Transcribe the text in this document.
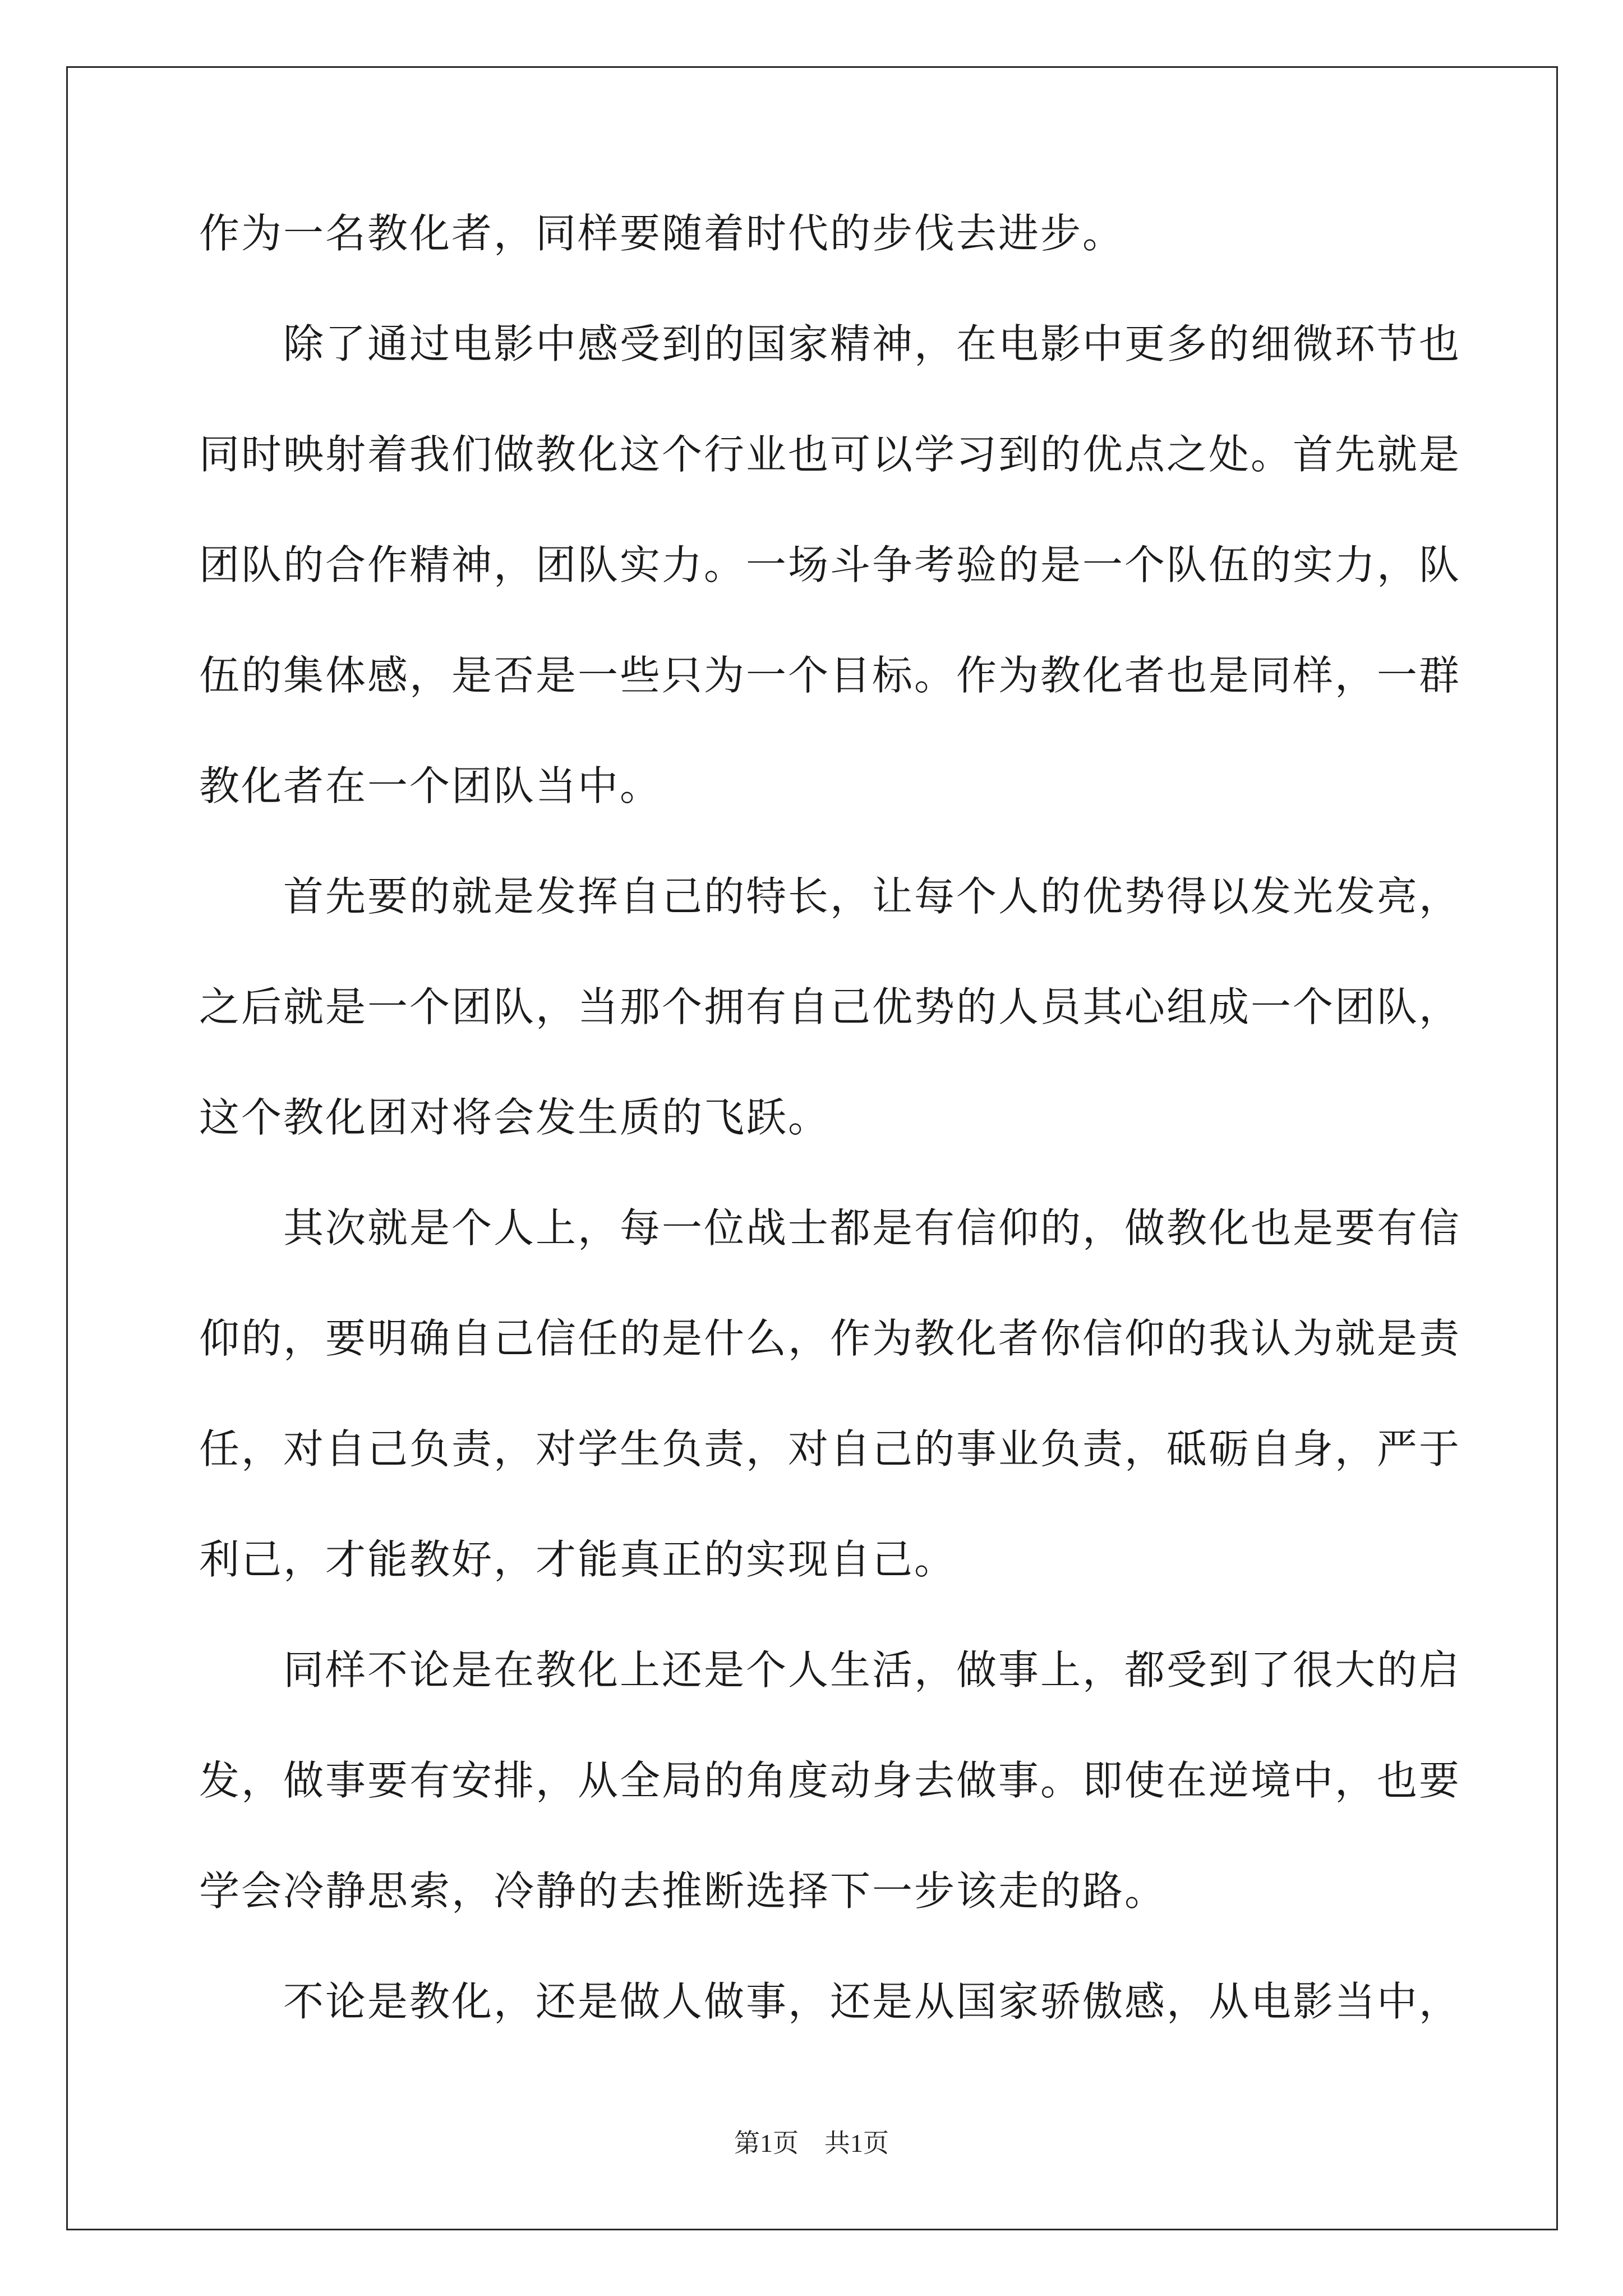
作为一名教化者，同样要随着时代的步伐去进步。
除了通过电影中感受到的国家精神，在电影中更多的细微环节也
同时映射着我们做教化这个行业也可以学习到的优点之处。首先就是
团队的合作精神，团队实力。一场斗争考验的是一个队伍的实力，队
伍的集体感，是否是一些只为一个目标。作为教化者也是同样，一群
教化者在一个团队当中。
首先要的就是发挥自己的特长，让每个人的优势得以发光发亮，
之后就是一个团队，当那个拥有自己优势的人员其心组成一个团队，
这个教化团对将会发生质的飞跃。
其次就是个人上，每一位战士都是有信仰的，做教化也是要有信
仰的，要明确自己信任的是什么，作为教化者你信仰的我认为就是责
任，对自己负责，对学生负责，对自己的事业负责，砥砺自身，严于
利己，才能教好，才能真正的实现自己。
同样不论是在教化上还是个人生活，做事上，都受到了很大的启
发，做事要有安排，从全局的角度动身去做事。即使在逆境中，也要
学会冷静思索，冷静的去推断选择下一步该走的路。
不论是教化，还是做人做事，还是从国家骄傲感，从电影当中，
第1页　共1页
